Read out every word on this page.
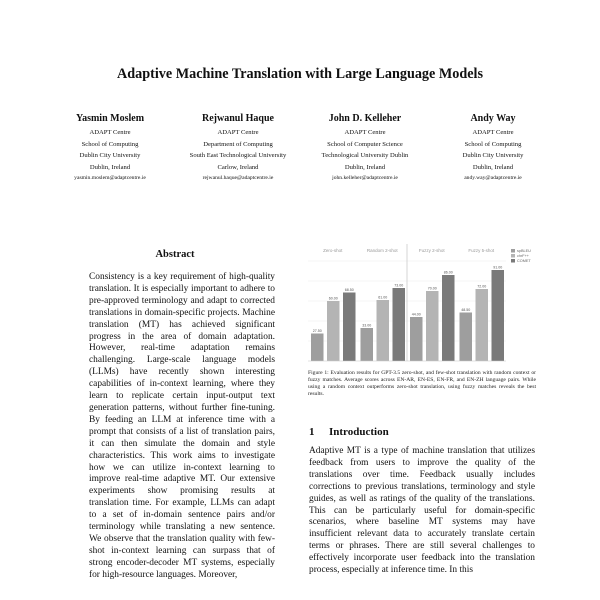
Adaptive Machine Translation with Large Language Models
Yasmin Moslem
ADAPT Centre
School of Computing
Dublin City University
Dublin, Ireland
yasmin.moslem@adaptcentre.ie
Rejwanul Haque
ADAPT Centre
Department of Computing
South East Technological University
Carlow, Ireland
rejwanul.haque@adaptcentre.ie
John D. Kelleher
ADAPT Centre
School of Computer Science
Technological University Dublin
Dublin, Ireland
john.kelleher@adaptcentre.ie
Andy Way
ADAPT Centre
School of Computing
Dublin City University
Dublin, Ireland
andy.way@adaptcentre.ie
Abstract
Consistency is a key requirement of high-quality translation. It is especially important to adhere to pre-approved terminology and adapt to corrected translations in domain-specific projects. Machine translation (MT) has achieved significant progress in the area of domain adaptation. However, real-time adaptation remains challenging. Large-scale language models (LLMs) have recently shown interesting capabilities of in-context learning, where they learn to replicate certain input-output text generation patterns, without further fine-tuning. By feeding an LLM at inference time with a prompt that consists of a list of translation pairs, it can then simulate the domain and style characteristics. This work aims to investigate how we can utilize in-context learning to improve real-time adaptive MT. Our extensive experiments show promising results at translation time. For example, LLMs can adapt to a set of in-domain sentence pairs and/or terminology while translating a new sentence. We observe that the translation quality with few-shot in-context learning can surpass that of strong encoder-decoder MT systems, especially for high-resource languages. Moreover,
Zero-shot
27.50
60.00
68.50
Random 2-shot
33.00
61.00
73.00
Fuzzy 2-shot
44.00
70.00
86.00
Fuzzy 5-shot
48.50
72.00
91.00
spBLEU
chrF++
COMET
Figure 1: Evaluation results for GPT-3.5 zero-shot, and few-shot translation with random context or fuzzy matches. Average scores across EN-AR, EN-ES, EN-FR, and EN-ZH language pairs. While using a random context outperforms zero-shot translation, using fuzzy matches reveals the best results.
1 Introduction
Adaptive MT is a type of machine translation that utilizes feedback from users to improve the quality of the translations over time. Feedback usually includes corrections to previous translations, terminology and style guides, as well as ratings of the quality of the translations. This can be particularly useful for domain-specific scenarios, where baseline MT systems may have insufficient relevant data to accurately translate certain terms or phrases. There are still several challenges to effectively incorporate user feedback into the translation process, especially at inference time. In this
